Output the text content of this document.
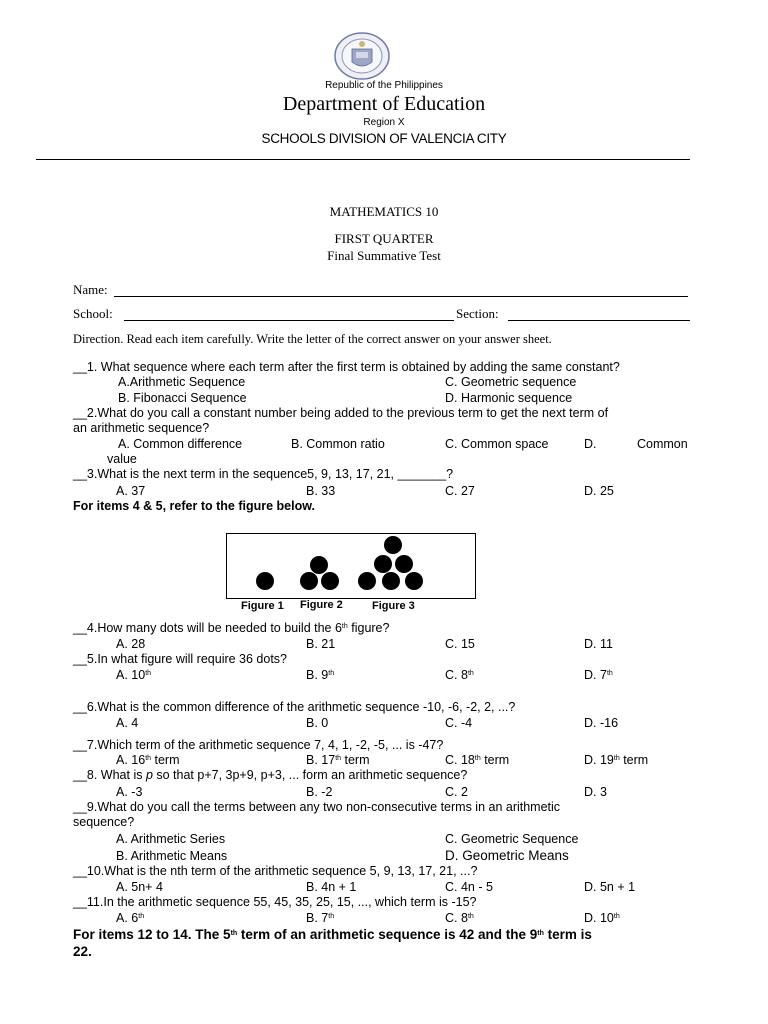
Republic of the Philippines
Department of Education
Region X
SCHOOLS DIVISION OF VALENCIA CITY
MATHEMATICS 10
FIRST QUARTER
Final Summative Test
Name:
School:	Section:
Direction. Read each item carefully. Write the letter of the correct answer on your answer sheet.
__1. What sequence where each term after the first term is obtained by adding the same constant?
A.Arithmetic Sequence	C. Geometric sequence
B. Fibonacci Sequence	D. Harmonic sequence
__2.What do you call a constant number being added to the previous term to get the next term of
an arithmetic sequence?
A. Common difference	B. Common ratio	C. Common space	D.	Common
value
__3.What is the next term in the sequence5, 9, 13, 17, 21, _______?
A. 37	B. 33	C. 27	D. 25
For items 4 & 5, refer to the figure below.
Figure 1 Figure 2	Figure 3
__4.How many dots will be needed to build the 6th figure?
A. 28	B. 21	C. 15	D. 11
__5.In what figure will require 36 dots?
A. 10th	B. 9th	C. 8th	D. 7th
__6.What is the common difference of the arithmetic sequence -10, -6, -2, 2, ...?
A. 4	B. 0	C. -4	D. -16
__7.Which term of the arithmetic sequence 7, 4, 1, -2, -5, ... is -47?
A. 16th term	B. 17th term	C. 18th term	D. 19th term
__8. What is p so that p+7, 3p+9, p+3, ... form an arithmetic sequence?
A. -3	B. -2	C. 2	D. 3
__9.What do you call the terms between any two non-consecutive terms in an arithmetic
sequence?
A. Arithmetic Series	C. Geometric Sequence
B. Arithmetic Means	D. Geometric Means
__10.What is the nth term of the arithmetic sequence 5, 9, 13, 17, 21, ...?
A. 5n+ 4	B. 4n + 1	C. 4n - 5	D. 5n + 1
__11.In the arithmetic sequence 55, 45, 35, 25, 15, ..., which term is -15?
A. 6th	B. 7th	C. 8th	D. 10th
For items 12 to 14. The 5th term of an arithmetic sequence is 42 and the 9th term is
22.
